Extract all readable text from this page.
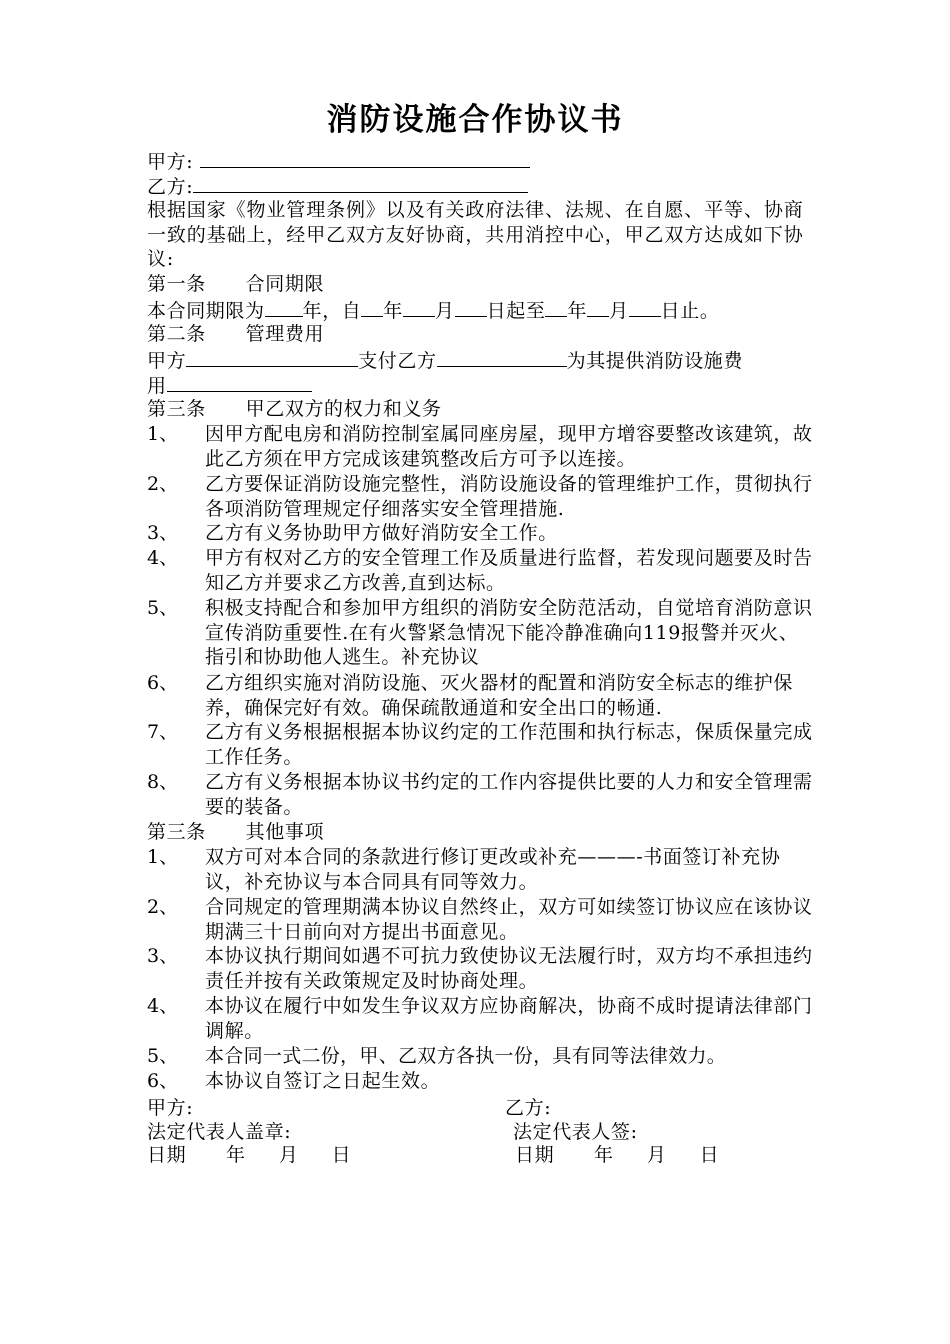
消防设施合作协议书
甲方:
乙方:
根据国家《物业管理条例》以及有关政府法律、法规、在自愿、平等、协商一致的基础上，经甲乙双方友好协商，共用消控中心，甲乙双方达成如下协议:
第一条      合同期限
本合同期限为 年，自 年 月 日起至 年 月 日止。
第二条      管理费用
甲方	支付乙方	为其提供消防设施费
用
第三条      甲乙双方的权力和义务
1、 因甲方配电房和消防控制室属同座房屋，现甲方增容要整改该建筑，故此乙方须在甲方完成该建筑整改后方可予以连接。
2、 乙方要保证消防设施完整性，消防设施设备的管理维护工作，贯彻执行各项消防管理规定仔细落实安全管理措施.
3、 乙方有义务协助甲方做好消防安全工作。
4、 甲方有权对乙方的安全管理工作及质量进行监督，若发现问题要及时告知乙方并要求乙方改善,直到达标。
5、 积极支持配合和参加甲方组织的消防安全防范活动，自觉培育消防意识宣传消防重要性.在有火警紧急情况下能冷静准确向119报警并灭火、指引和协助他人逃生。补充协议
6、 乙方组织实施对消防设施、灭火器材的配置和消防安全标志的维护保养，确保完好有效。确保疏散通道和安全出口的畅通.
7、 乙方有义务根据根据本协议约定的工作范围和执行标志，保质保量完成工作任务。
8、 乙方有义务根据本协议书约定的工作内容提供比要的人力和安全管理需要的装备。
第三条      其他事项
1、 双方可对本合同的条款进行修订更改或补充———-书面签订补充协议，补充协议与本合同具有同等效力。
2、 合同规定的管理期满本协议自然终止，双方可如续签订协议应在该协议期满三十日前向对方提出书面意见。
3、 本协议执行期间如遇不可抗力致使协议无法履行时，双方均不承担违约责任并按有关政策规定及时协商处理。
4、 本协议在履行中如发生争议双方应协商解决，协商不成时提请法律部门调解。
5、 本合同一式二份，甲、乙双方各执一份，具有同等法律效力。
6、 本协议自签订之日起生效。
甲方:	乙方:
法定代表人盖章:	法定代表人签:
日期      年     月     日	日期      年     月     日
